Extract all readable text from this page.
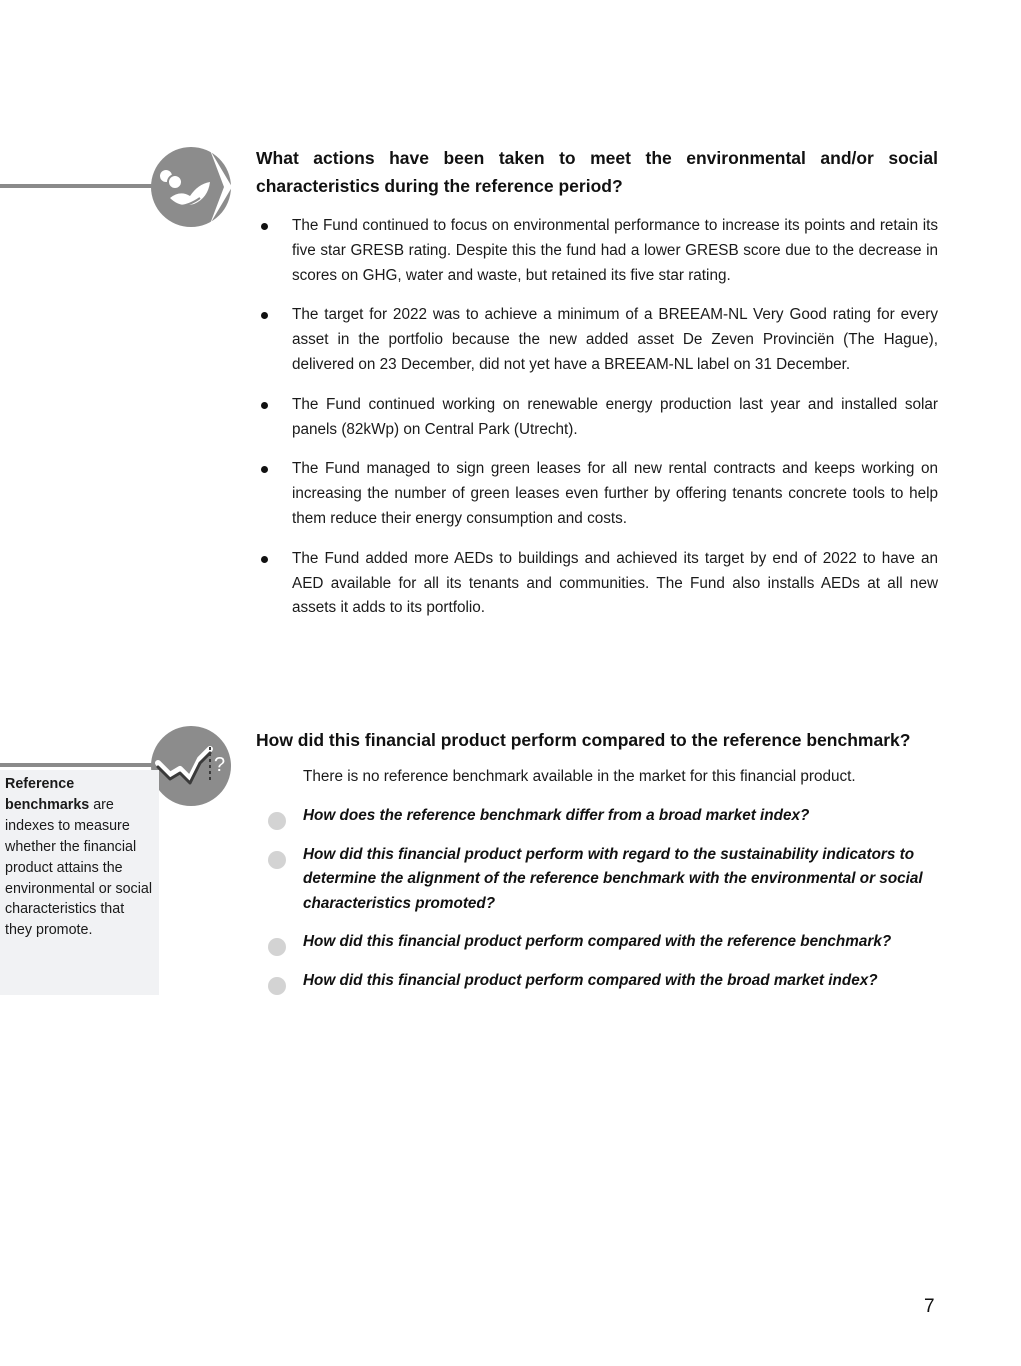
What actions have been taken to meet the environmental and/or social characteristics during the reference period?
The Fund continued to focus on environmental performance to increase its points and retain its five star GRESB rating. Despite this the fund had a lower GRESB score due to the decrease in scores on GHG, water and waste, but retained its five star rating.
The target for 2022 was to achieve a minimum of a BREEAM-NL Very Good rating for every asset in the portfolio because the new added asset De Zeven Provinciën (The Hague), delivered on 23 December, did not yet have a BREEAM-NL label on 31 December.
The Fund continued working on renewable energy production last year and installed solar panels (82kWp) on Central Park (Utrecht).
The Fund managed to sign green leases for all new rental contracts and keeps working on increasing the number of green leases even further by offering tenants concrete tools to help them reduce their energy consumption and costs.
The Fund added more AEDs to buildings and achieved its target by end of 2022 to have an AED available for all its tenants and communities. The Fund also installs AEDs at all new assets it adds to its portfolio.
?
How did this financial product perform compared to the reference benchmark?

There is no reference benchmark available in the market for this financial product.

How does the reference benchmark differ from a broad market index?
How did this financial product perform with regard to the sustainability indicators to determine the alignment of the reference benchmark with the environmental or social characteristics promoted?
How did this financial product perform compared with the reference benchmark?
How did this financial product perform compared with the broad market index?
Reference benchmarks are indexes to measure whether the financial product attains the environmental or social characteristics that they promote.
7
